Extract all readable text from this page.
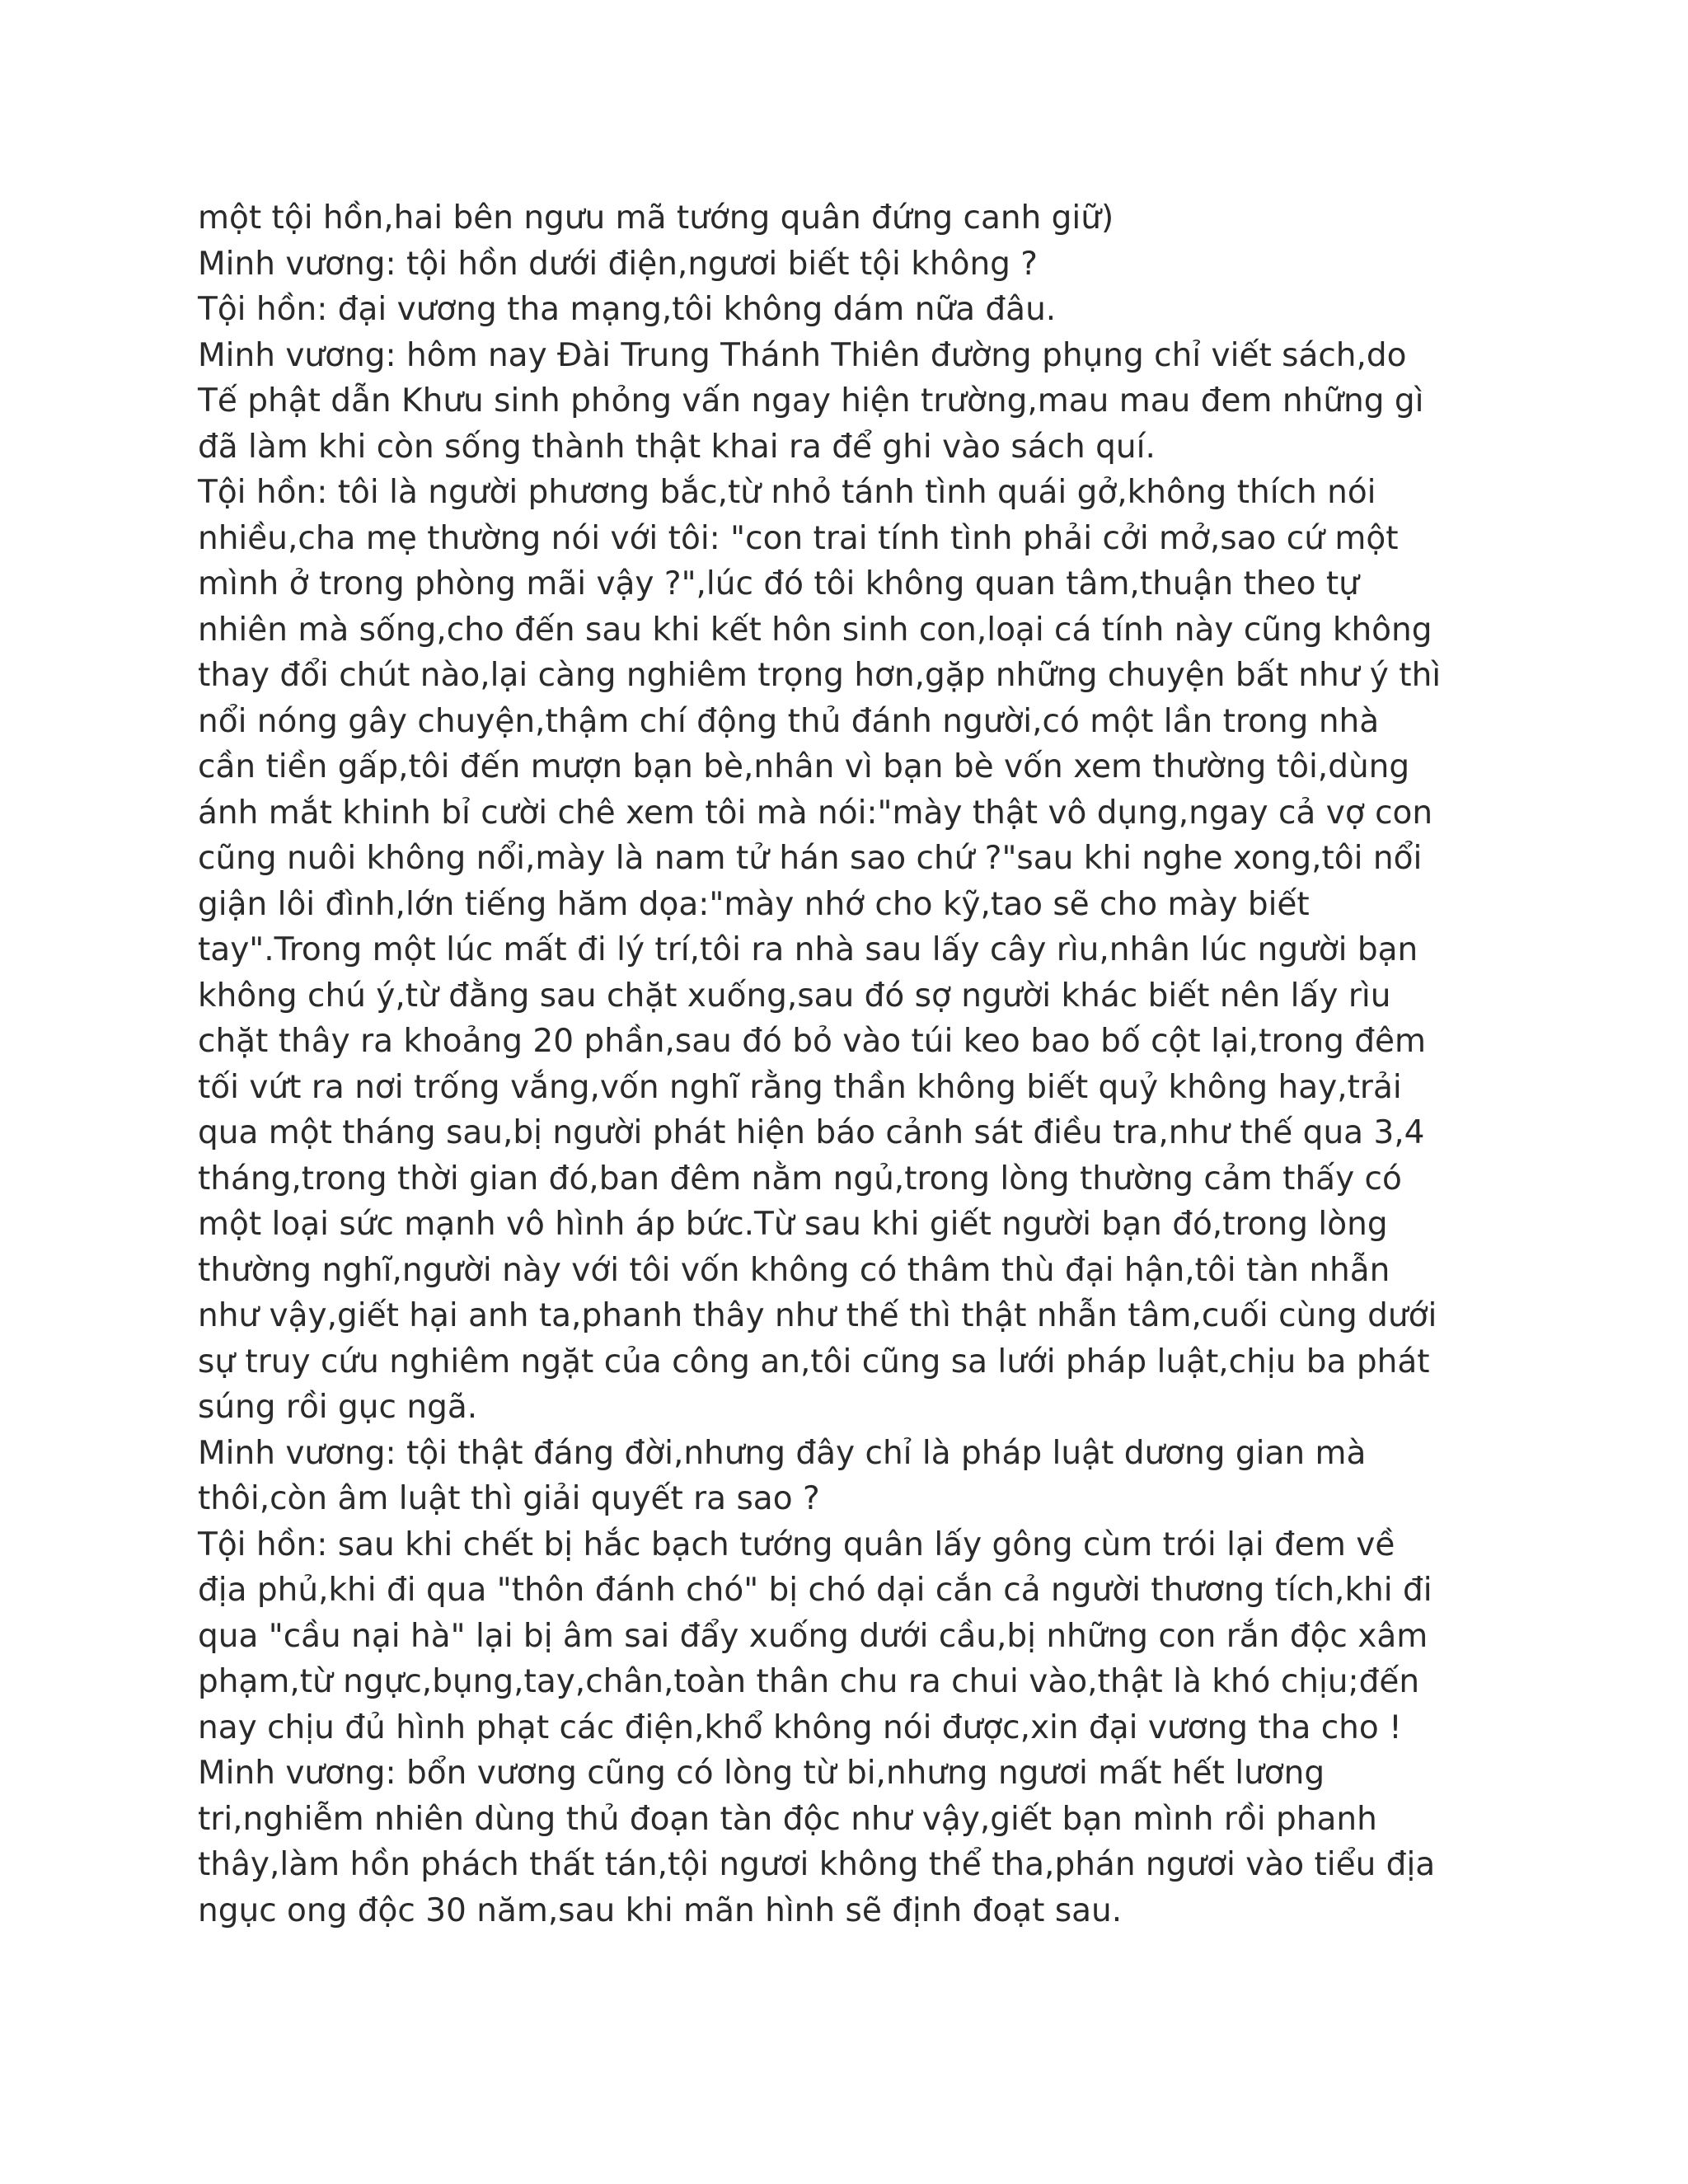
một tội hồn,hai bên ngưu mã tướng quân đứng canh giữ)
Minh vương: tội hồn dưới điện,ngươi biết tội không ?
Tội hồn: đại vương tha mạng,tôi không dám nữa đâu.
Minh vương: hôm nay Đài Trung Thánh Thiên đường phụng chỉ viết sách,do
Tế phật dẫn Khưu sinh phỏng vấn ngay hiện trường,mau mau đem những gì
đã làm khi còn sống thành thật khai ra để ghi vào sách quí.
Tội hồn: tôi là người phương bắc,từ nhỏ tánh tình quái gở,không thích nói
nhiều,cha mẹ thường nói với tôi: "con trai tính tình phải cởi mở,sao cứ một
mình ở trong phòng mãi vậy ?",lúc đó tôi không quan tâm,thuận theo tự
nhiên mà sống,cho đến sau khi kết hôn sinh con,loại cá tính này cũng không
thay đổi chút nào,lại càng nghiêm trọng hơn,gặp những chuyện bất như ý thì
nổi nóng gây chuyện,thậm chí động thủ đánh người,có một lần trong nhà
cần tiền gấp,tôi đến mượn bạn bè,nhân vì bạn bè vốn xem thường tôi,dùng
ánh mắt khinh bỉ cười chê xem tôi mà nói:"mày thật vô dụng,ngay cả vợ con
cũng nuôi không nổi,mày là nam tử hán sao chứ ?"sau khi nghe xong,tôi nổi
giận lôi đình,lớn tiếng hăm dọa:"mày nhớ cho kỹ,tao sẽ cho mày biết
tay".Trong một lúc mất đi lý trí,tôi ra nhà sau lấy cây rìu,nhân lúc người bạn
không chú ý,từ đằng sau chặt xuống,sau đó sợ người khác biết nên lấy rìu
chặt thây ra khoảng 20 phần,sau đó bỏ vào túi keo bao bố cột lại,trong đêm
tối vứt ra nơi trống vắng,vốn nghĩ rằng thần không biết quỷ không hay,trải
qua một tháng sau,bị người phát hiện báo cảnh sát điều tra,như thế qua 3,4
tháng,trong thời gian đó,ban đêm nằm ngủ,trong lòng thường cảm thấy có
một loại sức mạnh vô hình áp bức.Từ sau khi giết người bạn đó,trong lòng
thường nghĩ,người này với tôi vốn không có thâm thù đại hận,tôi tàn nhẫn
như vậy,giết hại anh ta,phanh thây như thế thì thật nhẫn tâm,cuối cùng dưới
sự truy cứu nghiêm ngặt của công an,tôi cũng sa lưới pháp luật,chịu ba phát
súng rồi gục ngã.
Minh vương: tội thật đáng đời,nhưng đây chỉ là pháp luật dương gian mà
thôi,còn âm luật thì giải quyết ra sao ?
Tội hồn: sau khi chết bị hắc bạch tướng quân lấy gông cùm trói lại đem về
địa phủ,khi đi qua "thôn đánh chó" bị chó dại cắn cả người thương tích,khi đi
qua "cầu nại hà" lại bị âm sai đẩy xuống dưới cầu,bị những con rắn độc xâm
phạm,từ ngực,bụng,tay,chân,toàn thân chu ra chui vào,thật là khó chịu;đến
nay chịu đủ hình phạt các điện,khổ không nói được,xin đại vương tha cho !
Minh vương: bổn vương cũng có lòng từ bi,nhưng ngươi mất hết lương
tri,nghiễm nhiên dùng thủ đoạn tàn độc như vậy,giết bạn mình rồi phanh
thây,làm hồn phách thất tán,tội ngươi không thể tha,phán ngươi vào tiểu địa
ngục ong độc 30 năm,sau khi mãn hình sẽ định đoạt sau.
